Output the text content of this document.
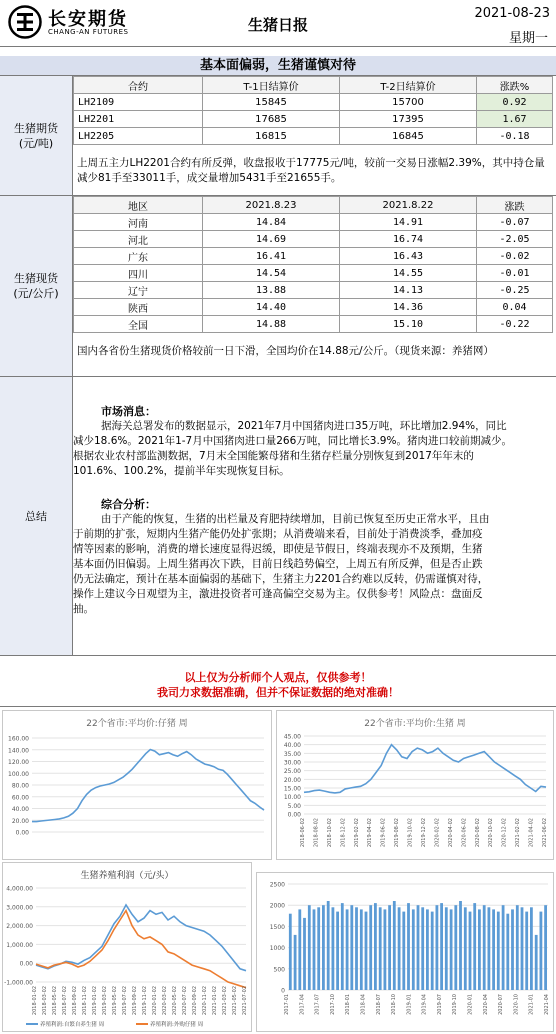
长安期货
CHANG-AN FUTURES	生猪日报
2021-08-23
星期一
基本面偏弱，生猪谨慎对待
生猪期货
(元/吨)
合约	T-1日结算价	T-2日结算价	涨跌%
LH2109	15845	15700	0.92
LH2201	17685	17395	1.67
LH2205	16815	16845	-0.18
上周五主力LH2201合约有所反弹，收盘报收于17775元/吨，较前一交易日涨幅2.39%，其中持仓量减少81手至33011手，成交量增加5431手至21655手。
生猪现货
(元/公斤)
地区	2021.8.23	2021.8.22	涨跌
河南	14.84	14.91	-0.07
河北	14.69	16.74	-2.05
广东	16.41	16.43	-0.02
四川	14.54	14.55	-0.01
辽宁	13.88	14.13	-0.25
陕西	14.40	14.36	0.04
全国	14.88	15.10	-0.22
国内各省份生猪现货价格较前一日下滑，全国均价在14.88元/公斤。（现货来源：养猪网）
总结
市场消息：
据海关总署发布的数据显示，2021年7月中国猪肉进口35万吨，环比增加2.94%，同比
减少18.6%。2021年1-7月中国猪肉进口量266万吨，同比增长3.9%。猪肉进口较前期减少。
根据农业农村部监测数据，7月末全国能繁母猪和生猪存栏量分别恢复到2017年年末的
101.6%、100.2%，提前半年实现恢复目标。
综合分析：
由于产能的恢复，生猪的出栏量及育肥持续增加，目前已恢复至历史正常水平，且由
于前期的扩张，短期内生猪产能仍处扩张期；从消费端来看，目前处于消费淡季，叠加疫
情等因素的影响，消费的增长速度显得迟缓，即使是节假日，终端表现亦不及预期，生猪
基本面仍旧偏弱。上周生猪再次下跌，目前日线趋势偏空，上周五有所反弹，但是否止跌
仍无法确定，预计在基本面偏弱的基础下，生猪主力2201合约难以反转，仍需谨慎对待，
操作上建议今日观望为主，激进投资者可逢高偏空交易为主。仅供参考！风险点：盘面反
抽。
以上仅为分析师个人观点，仅供参考！
我司力求数据准确，但并不保证数据的绝对准确！
22个省市:平均价:仔猪 周
0.00
20.00
40.00
60.00
80.00
100.00
120.00
140.00
160.00
22个省市:平均价:生猪 周
0.00
5.00
10.00
15.00
20.00
25.00
30.00
35.00
40.00
45.00
2018-06-02 2018-08-02 2018-10-02 2018-12-02 2019-02-02 2019-04-02 2019-06-02 2019-08-02 2019-10-02 2019-12-02 2020-02-02 2020-04-02 2020-06-02 2020-08-02 2020-10-02 2020-12-02 2021-02-02 2021-04-02 2021-06-02
生猪养殖利润（元/头）
-1,000.00
0.00
1,000.00
2,000.00
3,000.00
4,000.00
2018-01-02 2018-03-02 2018-05-02 2018-07-02 2018-09-02 2018-11-02 2019-01-02 2019-03-02 2019-05-02 2019-07-02 2019-09-02 2019-11-02 2020-01-02 2020-03-02 2020-05-02 2020-07-02 2020-09-02 2020-11-02 2021-01-02 2021-03-02 2021-05-02 2021-07-02
养殖利润:自繁自养生猪 周	养殖利润:外购仔猪 周
0
500
1000
1500
2000
2500
2017-01 2017-04 2017-07 2017-10 2018-01 2018-04 2018-07 2018-10 2019-01 2019-04 2019-07 2019-10 2020-01 2020-04 2020-07 2020-10 2021-01 2021-04
